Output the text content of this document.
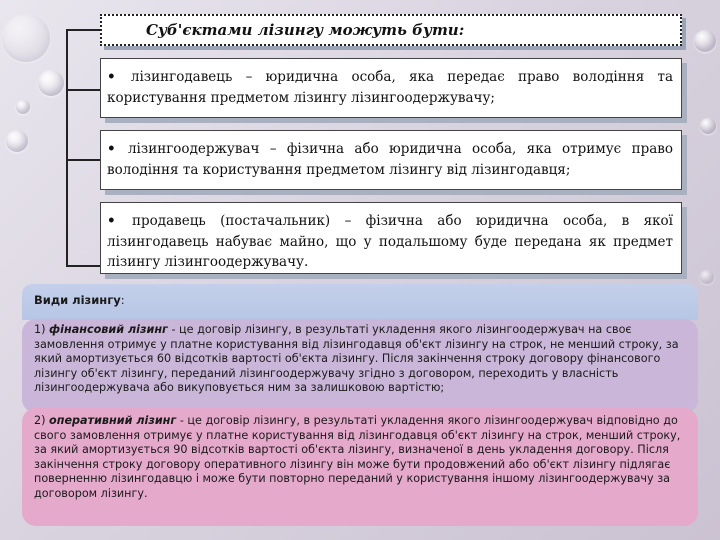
Суб'єктами лізингу можуть бути:
• лізингодавець – юридична особа, яка передає право володіння та користування предметом лізингу лізингоодержувачу;
• лізингоодержувач – фізична або юридична особа, яка отримує право володіння та користування предметом лізингу від лізингодавця;
• продавець (постачальник) – фізична або юридична особа, в якої лізингодавець набуває майно, що у подальшому буде передана як предмет лізингу лізингоодержувачу.
Види лізингу:
1) фінансовий лізинг - це договір лізингу, в результаті укладення якого лізингоодержувач на своє замовлення отримує у платне користування від лізингодавця об'єкт лізингу на строк, не менший строку, за який амортизується 60 відсотків вартості об'єкта лізингу. Після закінчення строку договору фінансового лізингу об'єкт лізингу, переданий лізингоодержувачу згідно з договором, переходить у власність лізингоодержувача або викуповується ним за залишковою вартістю;
2) оперативний лізинг - це договір лізингу, в результаті укладення якого лізингоодержувач відповідно до свого замовлення отримує у платне користування від лізингодавця об'єкт лізингу на строк, менший строку, за який амортизується 90 відсотків вартості об'єкта лізингу, визначеної в день укладення договору. Після закінчення строку договору оперативного лізингу він може бути продовжений або об'єкт лізингу підлягає поверненню лізингодавцю і може бути повторно переданий у користування іншому лізингоодержувачу за договором лізингу.
